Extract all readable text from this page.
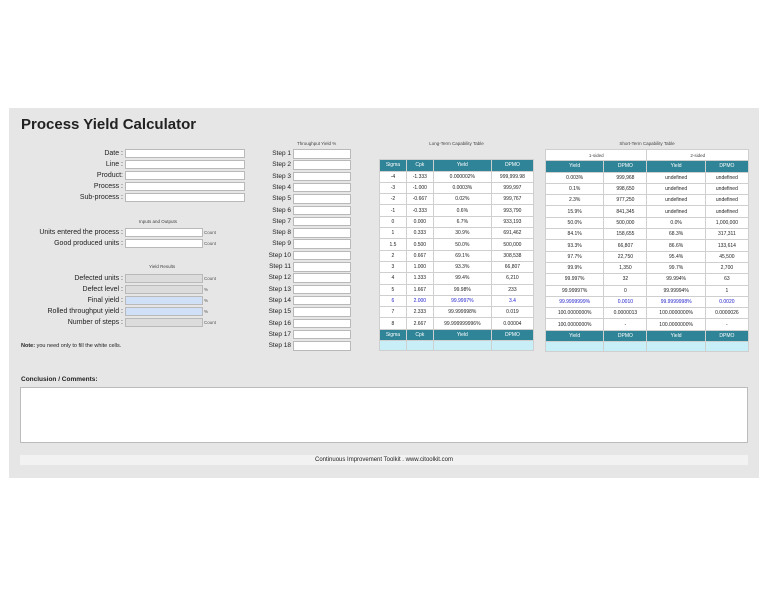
Process Yield Calculator
Date :
Line :
Product:
Process :
Sub-process :
Inputs and Outputs
Units entered the process :	Count
Good produced units :	Count
Yield Results
Defected units :	Count
Defect level :	%
Final yield :	%
Rolled throughput yield :	%
Number of steps :	Count
Note: you need only to fill the white cells.
Throughput Yield %
Step 1
Step 2
Step 3
Step 4
Step 5
Step 6
Step 7
Step 8
Step 9
Step 10
Step 11
Step 12
Step 13
Step 14
Step 15
Step 16
Step 17
Step 18
Long-Term Capability Table

Sigma	Cpk	Yield	DPMO
-4	-1.333	0.000002%	999,999.98
-3	-1.000	0.0003%	999,997
-2	-0.667	0.02%	999,767
-1	-0.333	0.6%	993,790
0	0.000	6.7%	933,193
1	0.333	30.9%	691,462
1.5	0.500	50.0%	500,000
2	0.667	69.1%	308,538
3	1.000	93.3%	66,807
4	1.333	99.4%	6,210
5	1.667	99.98%	233
6	2.000	99.9997%	3.4
7	2.333	99.999998%	0.019
8	2.667	99.999999996%	0.00004
Sigma	Cpk	Yield	DPMO

Short-Term Capability Table
1-sided		2-sided	
Yield	DPMO	Yield	DPMO
0.003%	999,968	undefined	undefined
0.1%	998,650	undefined	undefined
2.3%	977,250	undefined	undefined
15.9%	841,345	undefined	undefined
50.0%	500,000	0.0%	1,000,000
84.1%	158,655	68.3%	317,311
93.3%	66,807	86.6%	133,614
97.7%	22,750	95.4%	45,500
99.9%	1,350	99.7%	2,700
99.997%	32	99.994%	63
99.99997%	0	99.99994%	1
99.9999999%	0.0010	99.9999998%	0.0020
100.0000000%	0.0000013	100.0000000%	0.0000026
100.0000000%	-	100.0000000%	-
Yield	DPMO	Yield	DPMO

Conclusion / Comments:
Continuous Improvement Toolkit . www.citoolkit.com
